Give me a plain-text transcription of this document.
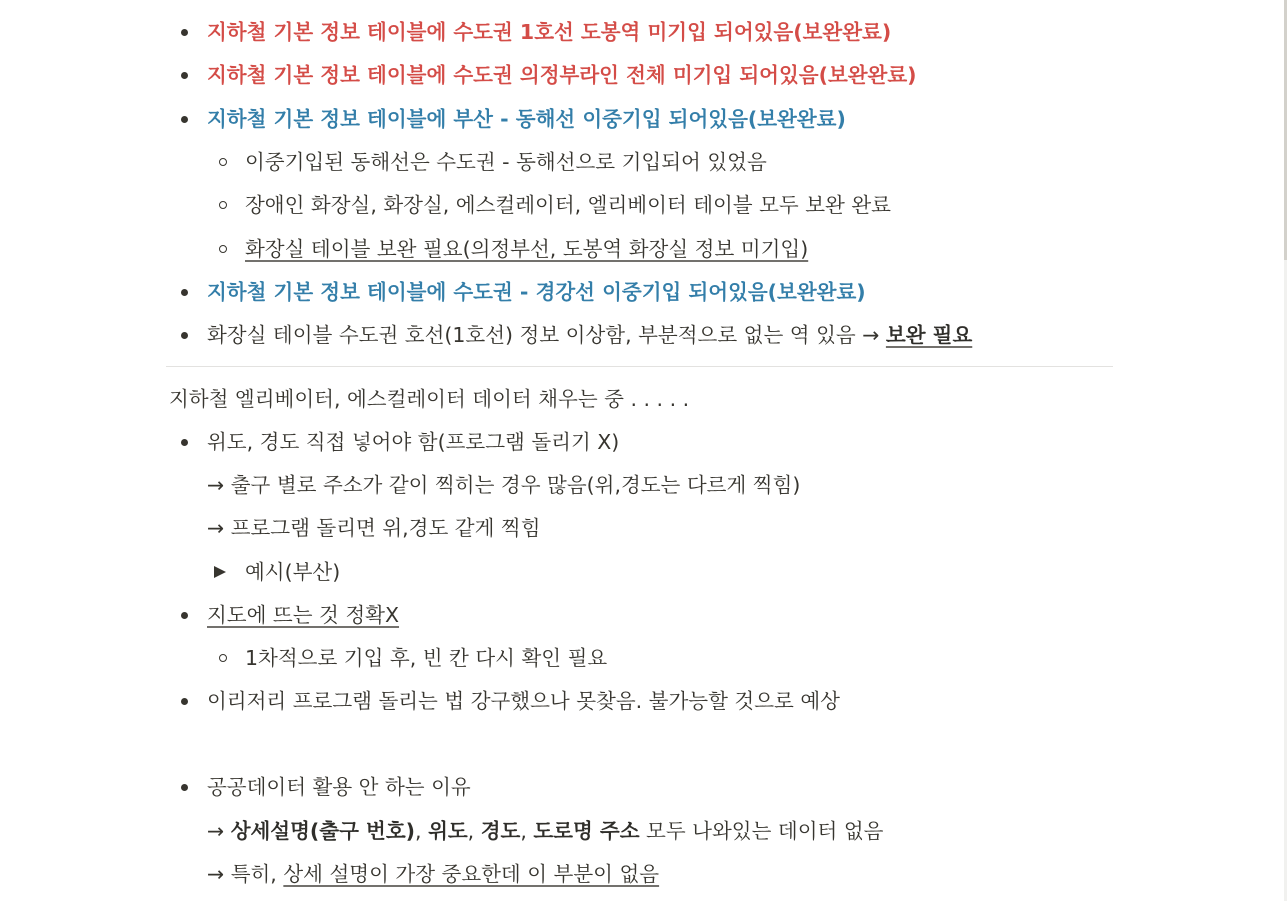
지하철 기본 정보 테이블에 수도권 1호선 도봉역 미기입 되어있음(보완완료)
지하철 기본 정보 테이블에 수도권 의정부라인 전체 미기입 되어있음(보완완료)
지하철 기본 정보 테이블에 부산 - 동해선 이중기입 되어있음(보완완료)
이중기입된 동해선은 수도권 - 동해선으로 기입되어 있었음
장애인 화장실, 화장실, 에스컬레이터, 엘리베이터 테이블 모두 보완 완료
화장실 테이블 보완 필요(의정부선, 도봉역 화장실 정보 미기입)
지하철 기본 정보 테이블에 수도권 - 경강선 이중기입 되어있음(보완완료)
화장실 테이블 수도권 호선(1호선) 정보 이상함, 부분적으로 없는 역 있음 → 보완 필요
지하철 엘리베이터, 에스컬레이터 데이터 채우는 중 . . . . .
위도, 경도 직접 넣어야 함(프로그램 돌리기 X)
→ 출구 별로 주소가 같이 찍히는 경우 많음(위,경도는 다르게 찍힘)
→ 프로그램 돌리면 위,경도 같게 찍힘
예시(부산)
지도에 뜨는 것 정확X
1차적으로 기입 후, 빈 칸 다시 확인 필요
이리저리 프로그램 돌리는 법 강구했으나 못찾음. 불가능할 것으로 예상
공공데이터 활용 안 하는 이유
→ 상세설명(출구 번호), 위도, 경도, 도로명 주소 모두 나와있는 데이터 없음
→ 특히, 상세 설명이 가장 중요한데 이 부분이 없음
